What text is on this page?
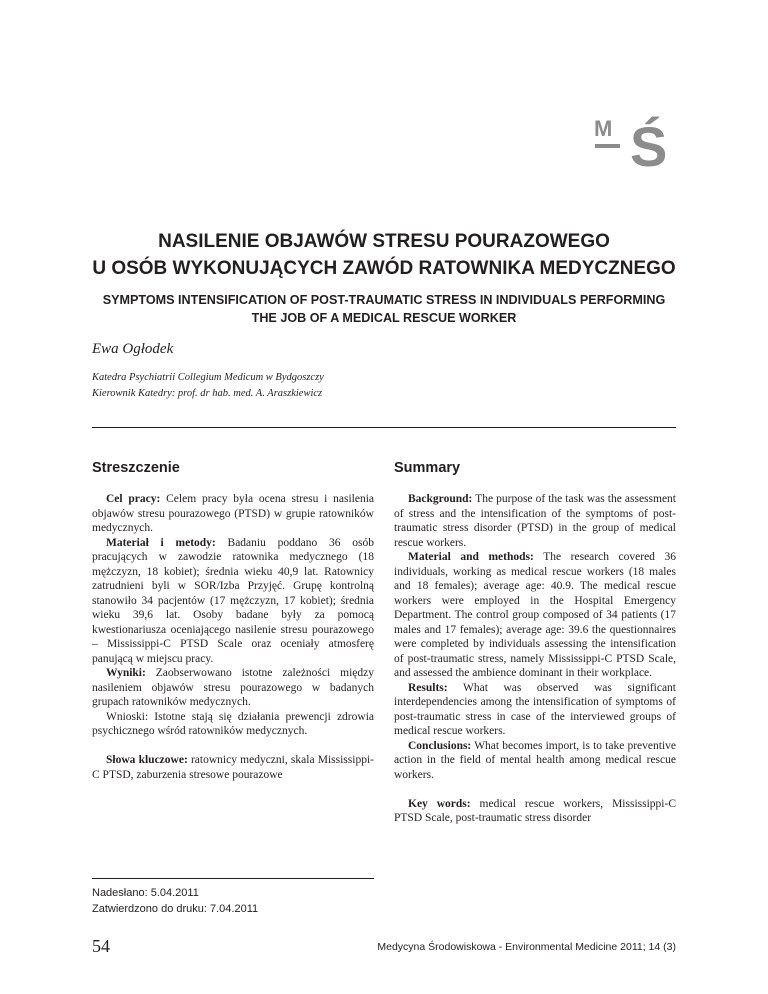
M Ś
NASILENIE OBJAWÓW STRESU POURAZOWEGO
U OSÓB WYKONUJĄCYCH ZAWÓD RATOWNIKA MEDYCZNEGO
SYMPTOMS INTENSIFICATION OF POST-TRAUMATIC STRESS IN INDIVIDUALS PERFORMING
THE JOB OF A MEDICAL RESCUE WORKER
Ewa Ogłodek
Katedra Psychiatrii Collegium Medicum w Bydgoszczy
Kierownik Katedry: prof. dr hab. med. A. Araszkiewicz
Streszczenie

Cel pracy: Celem pracy była ocena stresu i nasilenia objawów stresu pourazowego (PTSD) w grupie ratowników medycznych.

Materiał i metody: Badaniu poddano 36 osób pracujących w zawodzie ratownika medycznego (18 mężczyzn, 18 kobiet); średnia wieku 40,9 lat. Ratownicy zatrudnieni byli w SOR/Izba Przyjęć. Grupę kontrolną stanowiło 34 pacjentów (17 mężczyzn, 17 kobiet); średnia wieku 39,6 lat. Osoby badane były za pomocą kwestionariusza oceniającego nasilenie stresu pourazowego – Mississippi-C PTSD Scale oraz oceniały atmosferę panującą w miejscu pracy.

Wyniki: Zaobserwowano istotne zależności między nasileniem objawów stresu pourazowego w badanych grupach ratowników medycznych.

Wnioski: Istotne stają się działania prewencji zdrowia psychicznego wśród ratowników medycznych.

Słowa kluczowe: ratownicy medyczni, skala Mississippi-C PTSD, zaburzenia stresowe pourazowe

Summary

Background: The purpose of the task was the assessment of stress and the intensification of the symptoms of post-traumatic stress disorder (PTSD) in the group of medical rescue workers.

Material and methods: The research covered 36 individuals, working as medical rescue workers (18 males and 18 females); average age: 40.9. The medical rescue workers were employed in the Hospital Emergency Department. The control group composed of 34 patients (17 males and 17 females); average age: 39.6 the questionnaires were completed by individuals assessing the intensification of post-traumatic stress, namely Mississippi-C PTSD Scale, and assessed the ambience dominant in their workplace.

Results: What was observed was significant interdependencies among the intensification of symptoms of post-traumatic stress in case of the interviewed groups of medical rescue workers.

Conclusions: What becomes import, is to take preventive action in the field of mental health among medical rescue workers.

Key words: medical rescue workers, Mississippi-C PTSD Scale, post-traumatic stress disorder

Nadesłano: 5.04.2011
Zatwierdzono do druku: 7.04.2011
54	Medycyna Środowiskowa - Environmental Medicine 2011; 14 (3)
